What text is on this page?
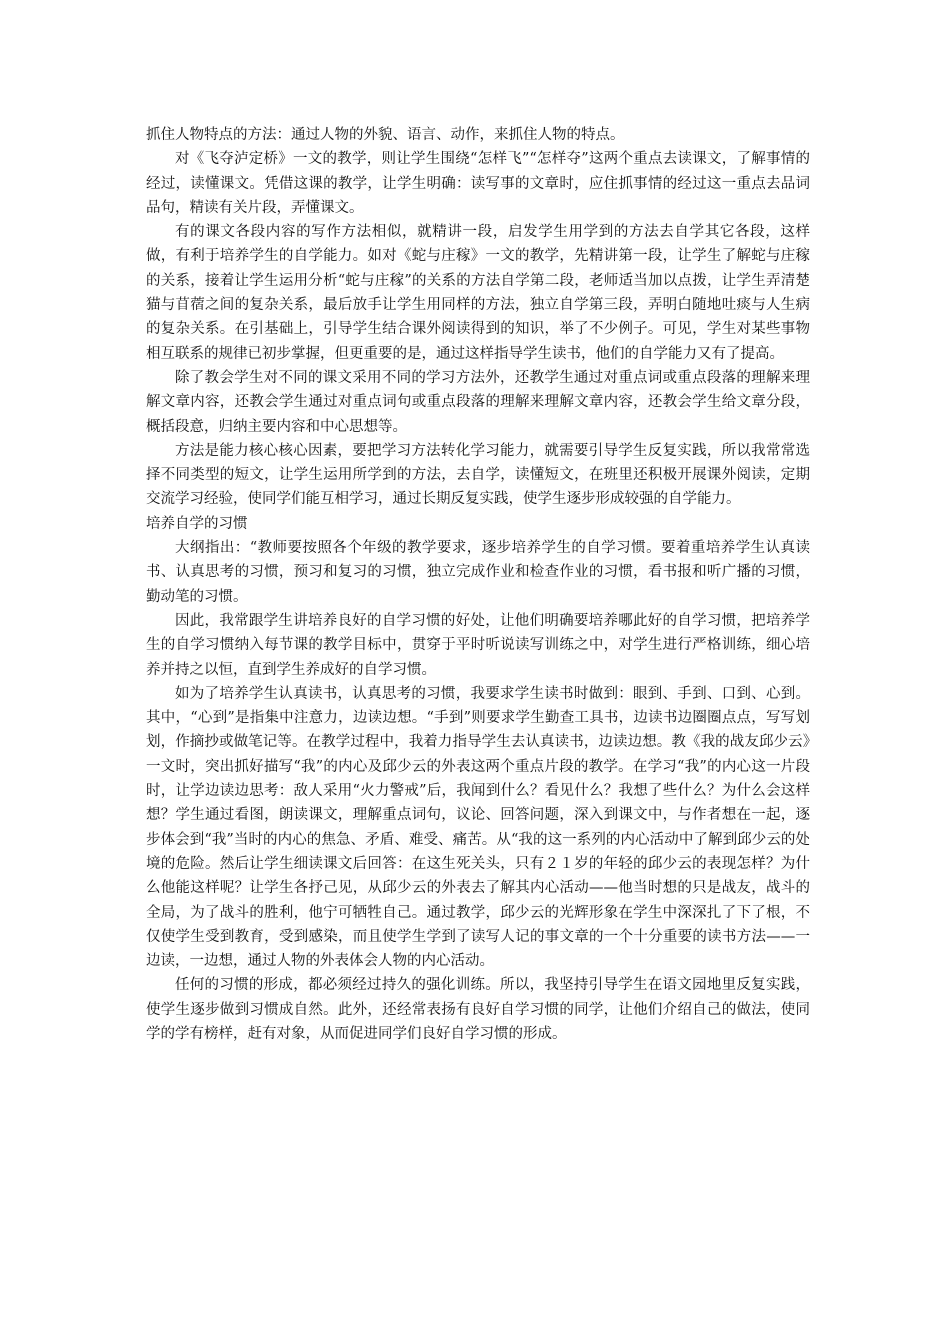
抓住人物特点的方法：通过人物的外貌、语言、动作，来抓住人物的特点。

对《飞夺泸定桥》一文的教学，则让学生围绕“怎样飞”“怎样夺”这两个重点去读课文，了解事情的经过，读懂课文。凭借这课的教学，让学生明确：读写事的文章时，应住抓事情的经过这一重点去品词品句，精读有关片段，弄懂课文。

有的课文各段内容的写作方法相似，就精讲一段，启发学生用学到的方法去自学其它各段，这样做，有利于培养学生的自学能力。如对《蛇与庄稼》一文的教学，先精讲第一段，让学生了解蛇与庄稼的关系，接着让学生运用分析“蛇与庄稼”的关系的方法自学第二段，老师适当加以点拨，让学生弄清楚猫与苜蓿之间的复杂关系，最后放手让学生用同样的方法，独立自学第三段，弄明白随地吐痰与人生病的复杂关系。在引基础上，引导学生结合课外阅读得到的知识，举了不少例子。可见，学生对某些事物相互联系的规律已初步掌握，但更重要的是，通过这样指导学生读书，他们的自学能力又有了提高。

除了教会学生对不同的课文采用不同的学习方法外，还教学生通过对重点词或重点段落的理解来理解文章内容，还教会学生通过对重点词句或重点段落的理解来理解文章内容，还教会学生给文章分段，概括段意，归纳主要内容和中心思想等。

方法是能力核心核心因素，要把学习方法转化学习能力，就需要引导学生反复实践，所以我常常选择不同类型的短文，让学生运用所学到的方法，去自学，读懂短文，在班里还积极开展课外阅读，定期交流学习经验，使同学们能互相学习，通过长期反复实践，使学生逐步形成较强的自学能力。

培养自学的习惯

大纲指出：“教师要按照各个年级的教学要求，逐步培养学生的自学习惯。要着重培养学生认真读书、认真思考的习惯，预习和复习的习惯，独立完成作业和检查作业的习惯，看书报和听广播的习惯，勤动笔的习惯。

因此，我常跟学生讲培养良好的自学习惯的好处，让他们明确要培养哪此好的自学习惯，把培养学生的自学习惯纳入每节课的教学目标中，贯穿于平时听说读写训练之中，对学生进行严格训练，细心培养并持之以恒，直到学生养成好的自学习惯。

如为了培养学生认真读书，认真思考的习惯，我要求学生读书时做到：眼到、手到、口到、心到。其中，“心到”是指集中注意力，边读边想。“手到”则要求学生勤查工具书，边读书边圈圈点点，写写划划，作摘抄或做笔记等。在教学过程中，我着力指导学生去认真读书，边读边想。教《我的战友邱少云》一文时，突出抓好描写“我”的内心及邱少云的外表这两个重点片段的教学。在学习“我”的内心这一片段时，让学边读边思考：敌人采用“火力警戒”后，我闻到什么？看见什么？我想了些什么？为什么会这样想？学生通过看图，朗读课文，理解重点词句，议论、回答问题，深入到课文中，与作者想在一起，逐步体会到“我”当时的内心的焦急、矛盾、难受、痛苦。从“我的这一系列的内心活动中了解到邱少云的处境的危险。然后让学生细读课文后回答：在这生死关头，只有２１岁的年轻的邱少云的表现怎样？为什么他能这样呢？让学生各抒己见，从邱少云的外表去了解其内心活动——他当时想的只是战友，战斗的全局，为了战斗的胜利，他宁可牺牲自己。通过教学，邱少云的光辉形象在学生中深深扎了下了根，不仅使学生受到教育，受到感染，而且使学生学到了读写人记的事文章的一个十分重要的读书方法——一边读，一边想，通过人物的外表体会人物的内心活动。

任何的习惯的形成，都必须经过持久的强化训练。所以，我坚持引导学生在语文园地里反复实践，使学生逐步做到习惯成自然。此外，还经常表扬有良好自学习惯的同学，让他们介绍自己的做法，使同学的学有榜样，赶有对象，从而促进同学们良好自学习惯的形成。
